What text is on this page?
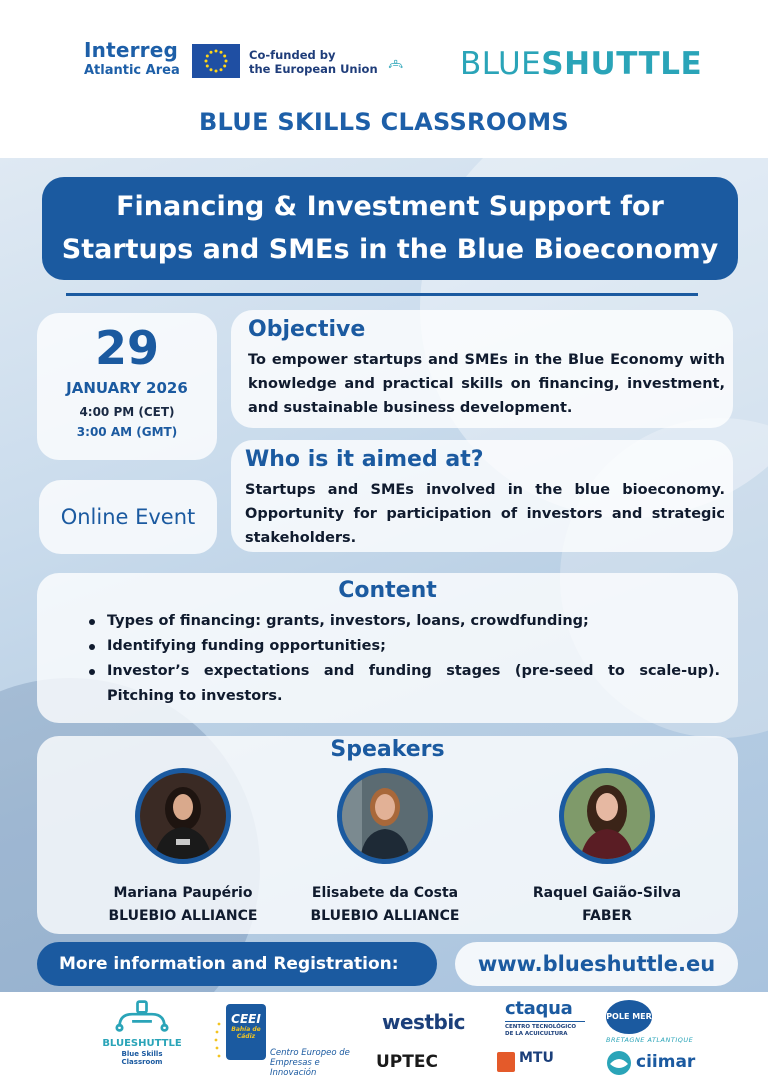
Interreg
Atlantic Area
Co-funded by
the European Union	BLUESHUTTLE
BLUE SKILLS CLASSROOMS
Financing & Investment Support for
Startups and SMEs in the Blue Bioeconomy
29
JANUARY 2026
4:00 PM (CET)
3:00 AM (GMT)
Online Event
Objective
To empower startups and SMEs in the Blue Economy with knowledge and practical skills on financing, investment, and sustainable business development.
Who is it aimed at?
Startups and SMEs involved in the blue bioeconomy. Opportunity for participation of investors and strategic stakeholders.
Content
Types of financing: grants, investors, loans, crowdfunding;
Identifying funding opportunities;
Investor’s expectations and funding stages (pre-seed to scale-up). Pitching to investors.
Speakers
Mariana Paupério
BLUEBIO ALLIANCE
Elisabete da Costa
BLUEBIO ALLIANCE
Raquel Gaião-Silva
FABER
More information and Registration:	www.blueshuttle.eu
BLUESHUTTLE
Blue Skills Classroom
CEEI
Bahía de Cádiz
Centro Europeo de
Empresas e Innovación
westbic
UPTEC
ctaqua
CENTRO TECNOLÓGICO
DE LA ACUICULTURA
MTU
POLE MER
BRETAGNE ATLANTIQUE
ciimar
